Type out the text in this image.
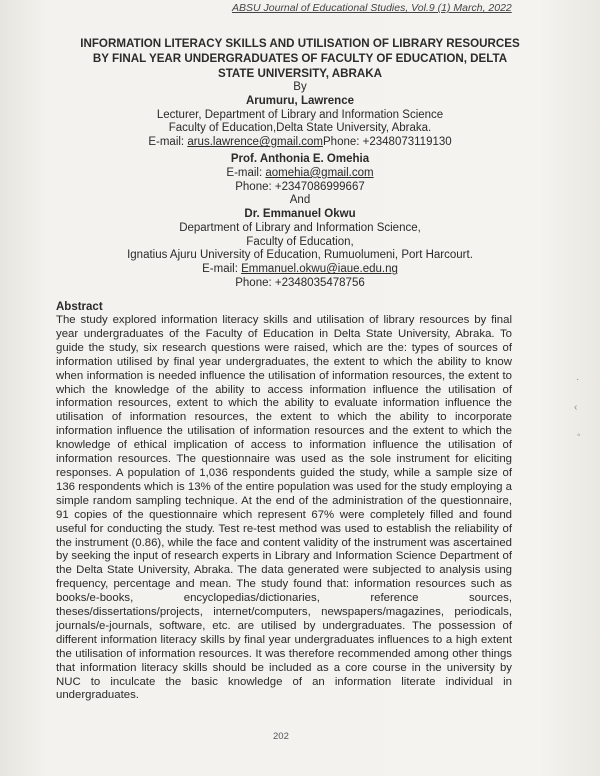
ABSU Journal of Educational Studies, Vol.9 (1) March, 2022
INFORMATION LITERACY SKILLS AND UTILISATION OF LIBRARY RESOURCES
BY FINAL YEAR UNDERGRADUATES OF FACULTY OF EDUCATION, DELTA
STATE UNIVERSITY, ABRAKA
By
Arumuru, Lawrence
Lecturer, Department of Library and Information Science
Faculty of Education,Delta State University, Abraka.
E-mail: arus.lawrence@gmail.comPhone: +2348073119130
Prof. Anthonia E. Omehia
E-mail: aomehia@gmail.com
Phone: +2347086999667
And
Dr. Emmanuel Okwu
Department of Library and Information Science,
Faculty of Education,
Ignatius Ajuru University of Education, Rumuolumeni, Port Harcourt.
E-mail: Emmanuel.okwu@iaue.edu.ng
Phone: +2348035478756
Abstract
The study explored information literacy skills and utilisation of library resources by final year undergraduates of the Faculty of Education in Delta State University, Abraka. To guide the study, six research questions were raised, which are the: types of sources of information utilised by final year undergraduates, the extent to which the ability to know when information is needed influence the utilisation of information resources, the extent to which the knowledge of the ability to access information influence the utilisation of information resources, extent to which the ability to evaluate information influence the utilisation of information resources, the extent to which the ability to incorporate information influence the utilisation of information resources and the extent to which the knowledge of ethical implication of access to information influence the utilisation of information resources. The questionnaire was used as the sole instrument for eliciting responses. A population of 1,036 respondents guided the study, while a sample size of 136 respondents which is 13% of the entire population was used for the study employing a simple random sampling technique. At the end of the administration of the questionnaire, 91 copies of the questionnaire which represent 67% were completely filled and found useful for conducting the study. Test re-test method was used to establish the reliability of the instrument (0.86), while the face and content validity of the instrument was ascertained by seeking the input of research experts in Library and Information Science Department of the Delta State University, Abraka. The data generated were subjected to analysis using frequency, percentage and mean. The study found that: information resources such as books/e-books, encyclopedias/dictionaries, reference sources, theses/dissertations/projects, internet/computers, newspapers/magazines, periodicals, journals/e-journals, software, etc. are utilised by undergraduates. The possession of different information literacy skills by final year undergraduates influences to a high extent the utilisation of information resources. It was therefore recommended among other things that information literacy skills should be included as a core course in the university by NUC to inculcate the basic knowledge of an information literate individual in undergraduates.
202
·
‹
◦
